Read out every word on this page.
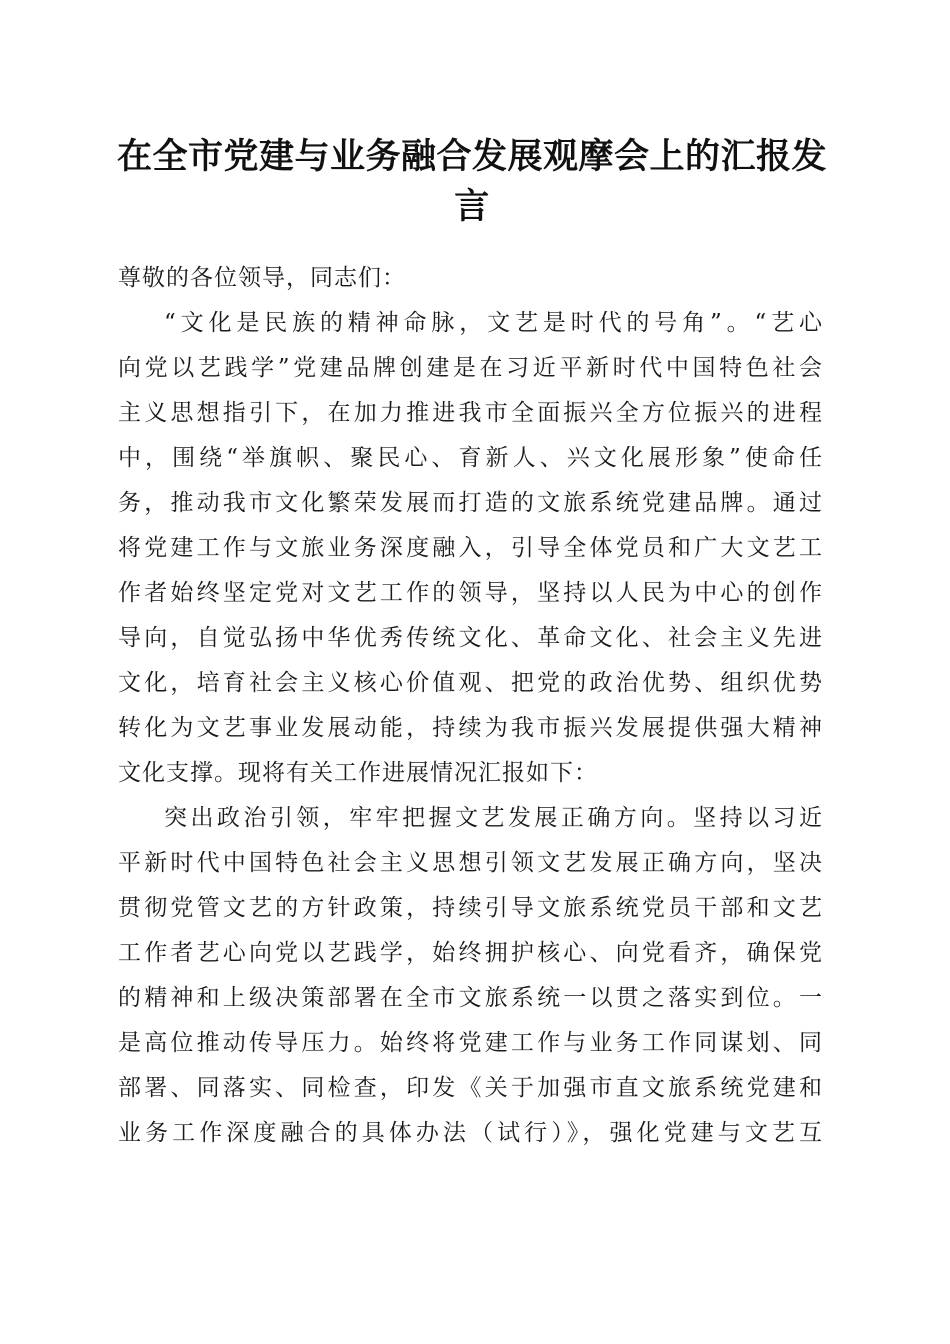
在全市党建与业务融合发展观摩会上的汇报发言

尊敬的各位领导，同志们：

“文化是民族的精神命脉，文艺是时代的号角”。“艺心
向党以艺践学”党建品牌创建是在习近平新时代中国特色社会
主义思想指引下，在加力推进我市全面振兴全方位振兴的进程
中，围绕“举旗帜、聚民心、育新人、兴文化展形象”使命任
务，推动我市文化繁荣发展而打造的文旅系统党建品牌。通过
将党建工作与文旅业务深度融入，引导全体党员和广大文艺工
作者始终坚定党对文艺工作的领导，坚持以人民为中心的创作
导向，自觉弘扬中华优秀传统文化、革命文化、社会主义先进
文化，培育社会主义核心价值观、把党的政治优势、组织优势
转化为文艺事业发展动能，持续为我市振兴发展提供强大精神
文化支撑。现将有关工作进展情况汇报如下：

突出政治引领，牢牢把握文艺发展正确方向。坚持以习近
平新时代中国特色社会主义思想引领文艺发展正确方向，坚决
贯彻党管文艺的方针政策，持续引导文旅系统党员干部和文艺
工作者艺心向党以艺践学，始终拥护核心、向党看齐，确保党
的精神和上级决策部署在全市文旅系统一以贯之落实到位。一
是高位推动传导压力。始终将党建工作与业务工作同谋划、同
部署、同落实、同检查，印发《关于加强市直文旅系统党建和
业务工作深度融合的具体办法（试行）》，强化党建与文艺互
